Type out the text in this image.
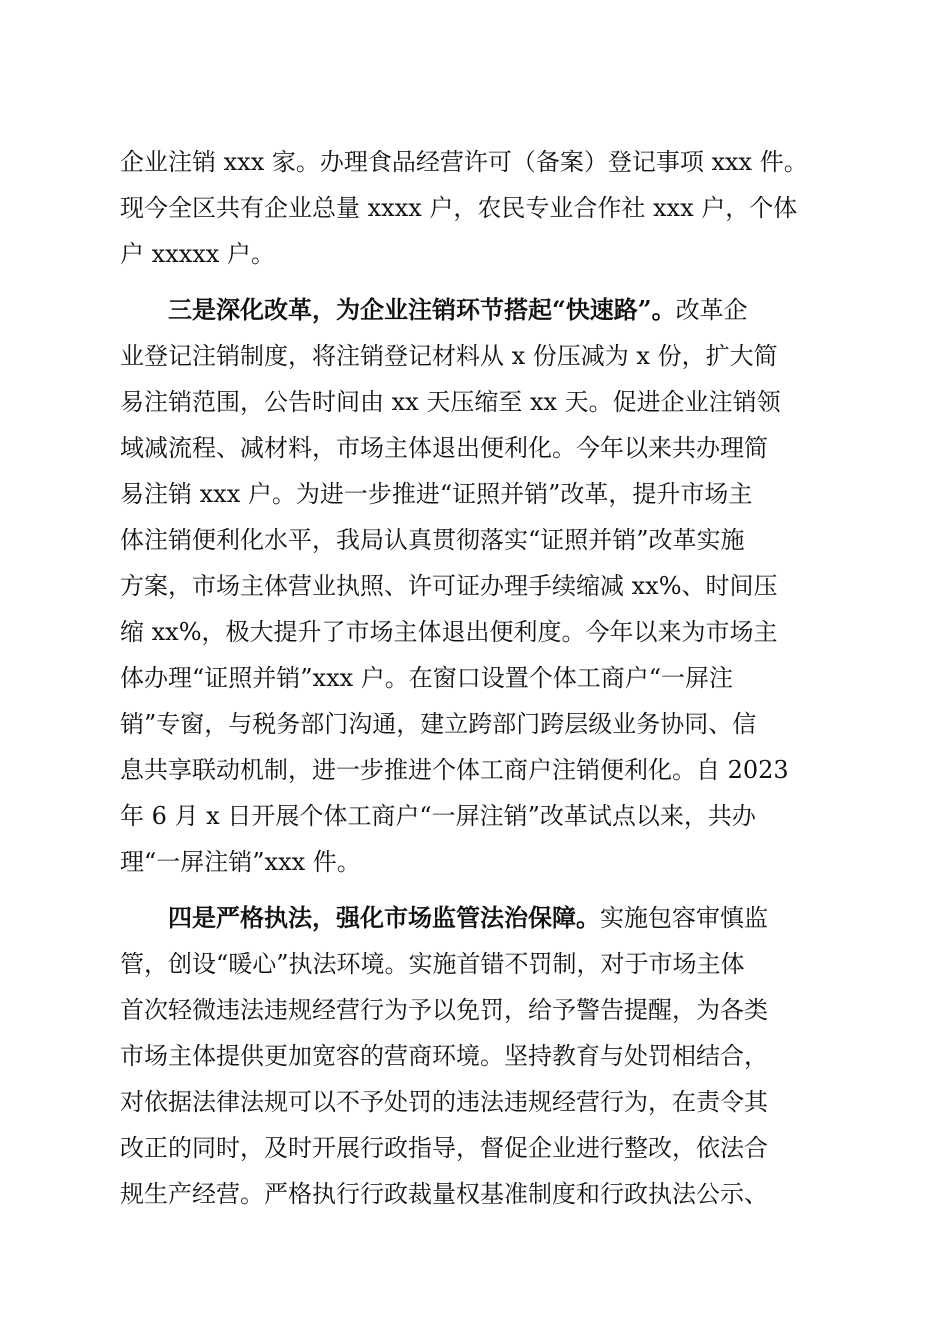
企业注销 xxx 家。办理食品经营许可（备案）登记事项 xxx 件。
现今全区共有企业总量 xxxx 户，农民专业合作社 xxx 户，个体
户 xxxxx 户。
三是深化改革，为企业注销环节搭起“快速路”。改革企
业登记注销制度，将注销登记材料从 x 份压减为 x 份，扩大简
易注销范围，公告时间由 xx 天压缩至 xx 天。促进企业注销领
域减流程、减材料，市场主体退出便利化。今年以来共办理简
易注销 xxx 户。为进一步推进“证照并销”改革，提升市场主
体注销便利化水平，我局认真贯彻落实“证照并销”改革实施
方案，市场主体营业执照、许可证办理手续缩减 xx%、时间压
缩 xx%，极大提升了市场主体退出便利度。今年以来为市场主
体办理“证照并销”xxx 户。在窗口设置个体工商户“一屏注
销”专窗，与税务部门沟通，建立跨部门跨层级业务协同、信
息共享联动机制，进一步推进个体工商户注销便利化。自 2023
年 6 月 x 日开展个体工商户“一屏注销”改革试点以来，共办
理“一屏注销”xxx 件。
四是严格执法，强化市场监管法治保障。实施包容审慎监
管，创设“暖心”执法环境。实施首错不罚制，对于市场主体
首次轻微违法违规经营行为予以免罚，给予警告提醒，为各类
市场主体提供更加宽容的营商环境。坚持教育与处罚相结合，
对依据法律法规可以不予处罚的违法违规经营行为，在责令其
改正的同时，及时开展行政指导，督促企业进行整改，依法合
规生产经营。严格执行行政裁量权基准制度和行政执法公示、
